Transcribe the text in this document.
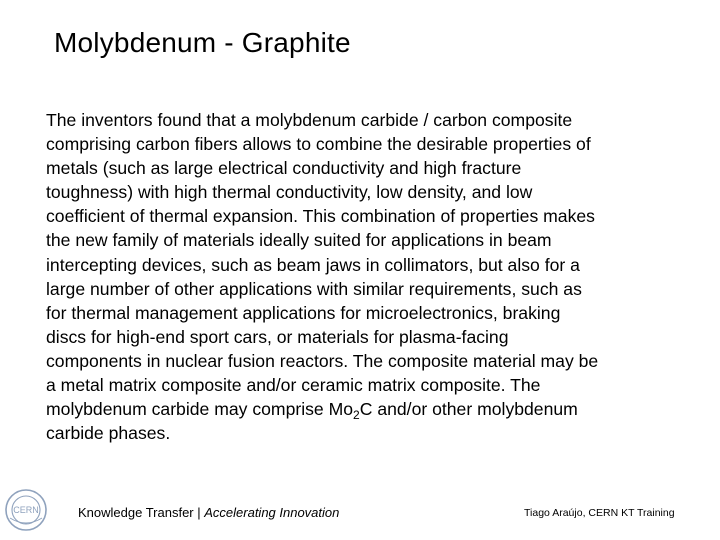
Molybdenum - Graphite

The inventors found that a molybdenum carbide / carbon composite
comprising carbon fibers allows to combine the desirable properties of
metals (such as large electrical conductivity and high fracture
toughness) with high thermal conductivity, low density, and low
coefficient of thermal expansion. This combination of properties makes
the new family of materials ideally suited for applications in beam
intercepting devices, such as beam jaws in collimators, but also for a
large number of other applications with similar requirements, such as
for thermal management applications for microelectronics, braking
discs for high-end sport cars, or materials for plasma-facing
components in nuclear fusion reactors. The composite material may be
a metal matrix composite and/or ceramic matrix composite. The
molybdenum carbide may comprise $Mo_2C$ and/or other molybdenum
carbide phases.

CERN	Knowledge Transfer | Accelerating Innovation	Tiago Araújo, CERN KT Training
